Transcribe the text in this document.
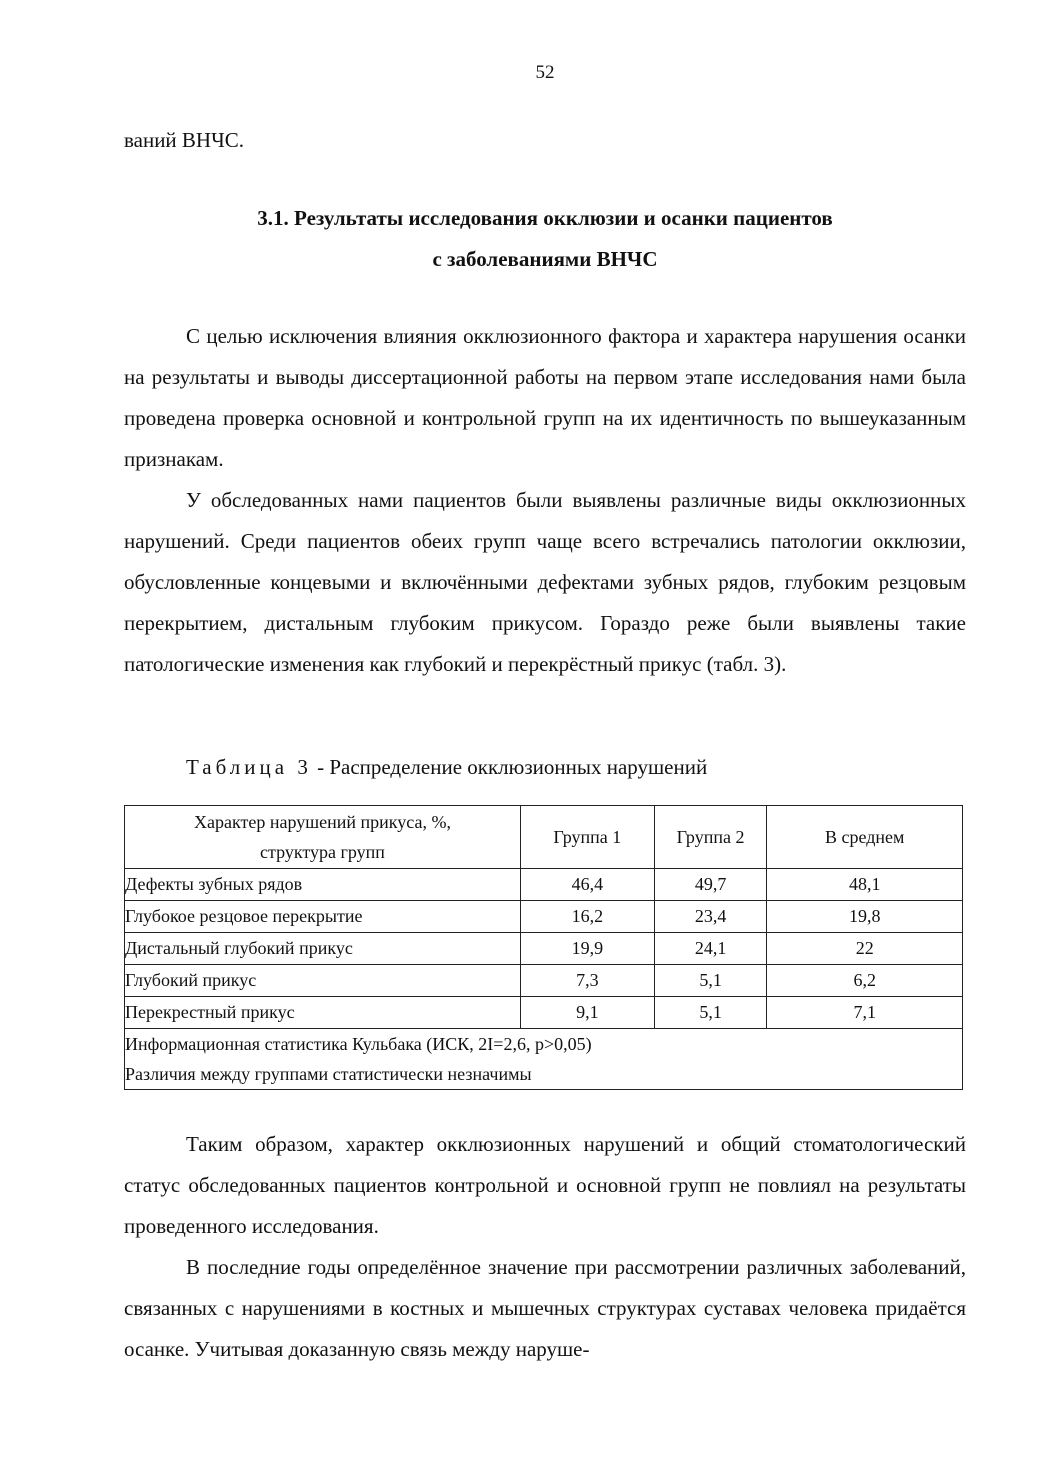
52

ваний ВНЧС.

3.1. Результаты исследования окклюзии и осанки пациентов
с заболеваниями ВНЧС

С целью исключения влияния окклюзионного фактора и характера нарушения осанки на результаты и выводы диссертационной работы на первом этапе исследования нами была проведена проверка основной и контрольной групп на их идентичность по вышеуказанным признакам.

У обследованных нами пациентов были выявлены различные виды окклюзионных нарушений. Среди пациентов обеих групп чаще всего встречались патологии окклюзии, обусловленные концевыми и включёнными дефектами зубных рядов, глубоким резцовым перекрытием, дистальным глубоким прикусом. Гораздо реже были выявлены такие патологические изменения как глубокий и перекрёстный прикус (табл. 3).

Таблица 3 - Распределение окклюзионных нарушений
Характер нарушений прикуса, %,
структура групп	Группа 1	Группа 2	В среднем
Дефекты зубных рядов	46,4	49,7	48,1
Глубокое резцовое перекрытие	16,2	23,4	19,8
Дистальный глубокий прикус	19,9	24,1	22
Глубокий прикус	7,3	5,1	6,2
Перекрестный прикус	9,1	5,1	7,1

Информационная статистика Кульбака (ИСК, 2I=2,6, p>0,05)
Различия между группами статистически незначимы			

Таким образом, характер окклюзионных нарушений и общий стоматологический статус обследованных пациентов контрольной и основной групп не повлиял на результаты проведенного исследования.

В последние годы определённое значение при рассмотрении различных заболеваний, связанных с нарушениями в костных и мышечных структурах суставах человека придаётся осанке. Учитывая доказанную связь между наруше-
